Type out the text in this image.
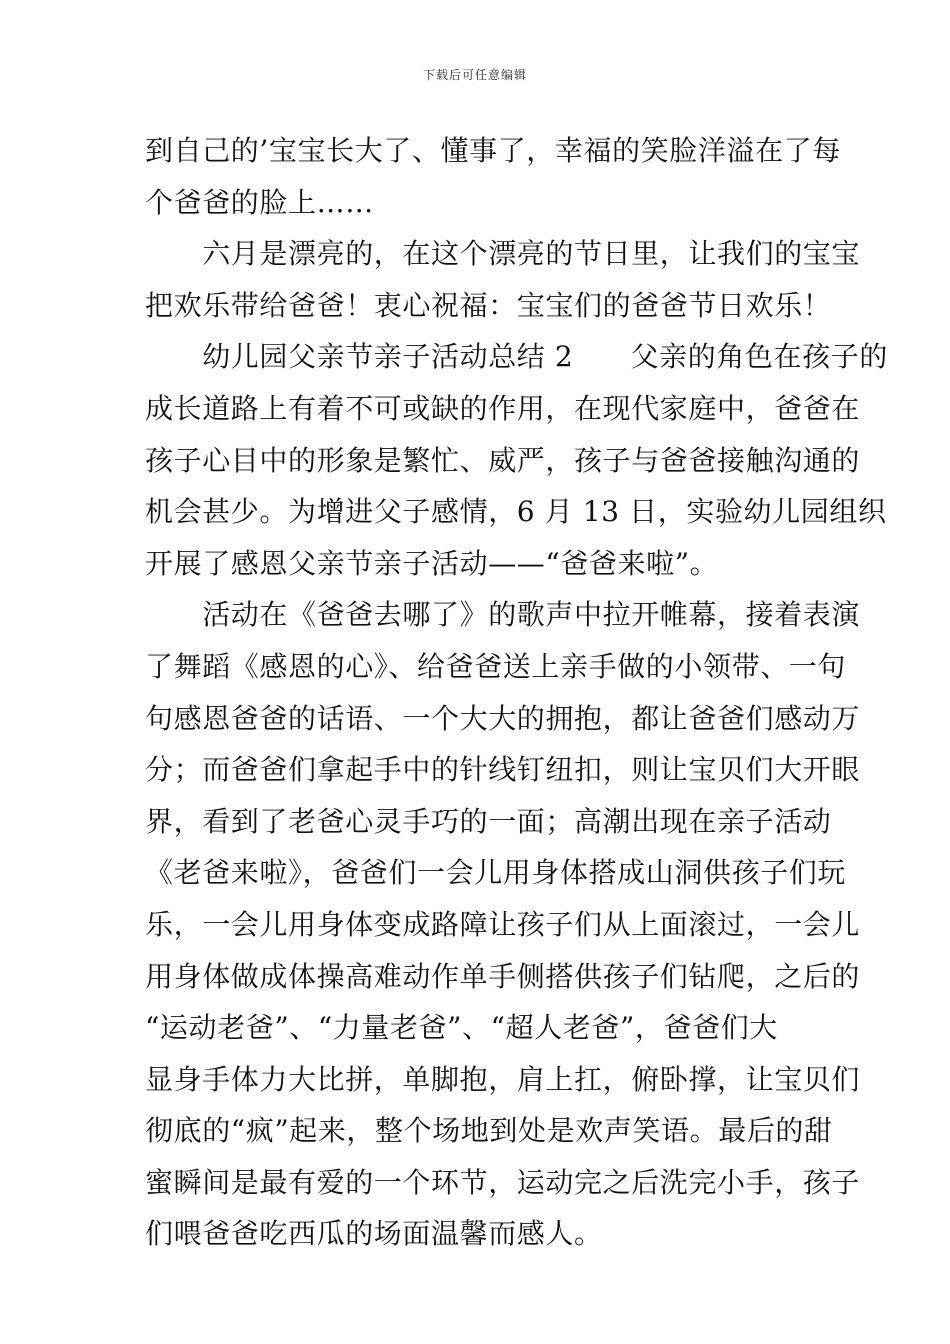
下载后可任意编辑
到自己的’宝宝长大了、懂事了，幸福的笑脸洋溢在了每
个爸爸的脸上……
　　六月是漂亮的，在这个漂亮的节日里，让我们的宝宝
把欢乐带给爸爸！衷心祝福：宝宝们的爸爸节日欢乐！
　　幼儿园父亲节亲子活动总结 2　　父亲的角色在孩子的
成长道路上有着不可或缺的作用，在现代家庭中，爸爸在
孩子心目中的形象是繁忙、威严，孩子与爸爸接触沟通的
机会甚少。为增进父子感情，6 月 13 日，实验幼儿园组织
开展了感恩父亲节亲子活动——“爸爸来啦”。
　　活动在《爸爸去哪了》的歌声中拉开帷幕，接着表演
了舞蹈《感恩的心》、给爸爸送上亲手做的小领带、一句
句感恩爸爸的话语、一个大大的拥抱，都让爸爸们感动万
分；而爸爸们拿起手中的针线钉纽扣，则让宝贝们大开眼
界，看到了老爸心灵手巧的一面；高潮出现在亲子活动
《老爸来啦》，爸爸们一会儿用身体搭成山洞供孩子们玩
乐，一会儿用身体变成路障让孩子们从上面滚过，一会儿
用身体做成体操高难动作单手侧搭供孩子们钻爬，之后的
“运动老爸”、“力量老爸”、“超人老爸”，爸爸们大
显身手体力大比拼，单脚抱，肩上扛，俯卧撑，让宝贝们
彻底的“疯”起来，整个场地到处是欢声笑语。最后的甜
蜜瞬间是最有爱的一个环节，运动完之后洗完小手，孩子
们喂爸爸吃西瓜的场面温馨而感人。
